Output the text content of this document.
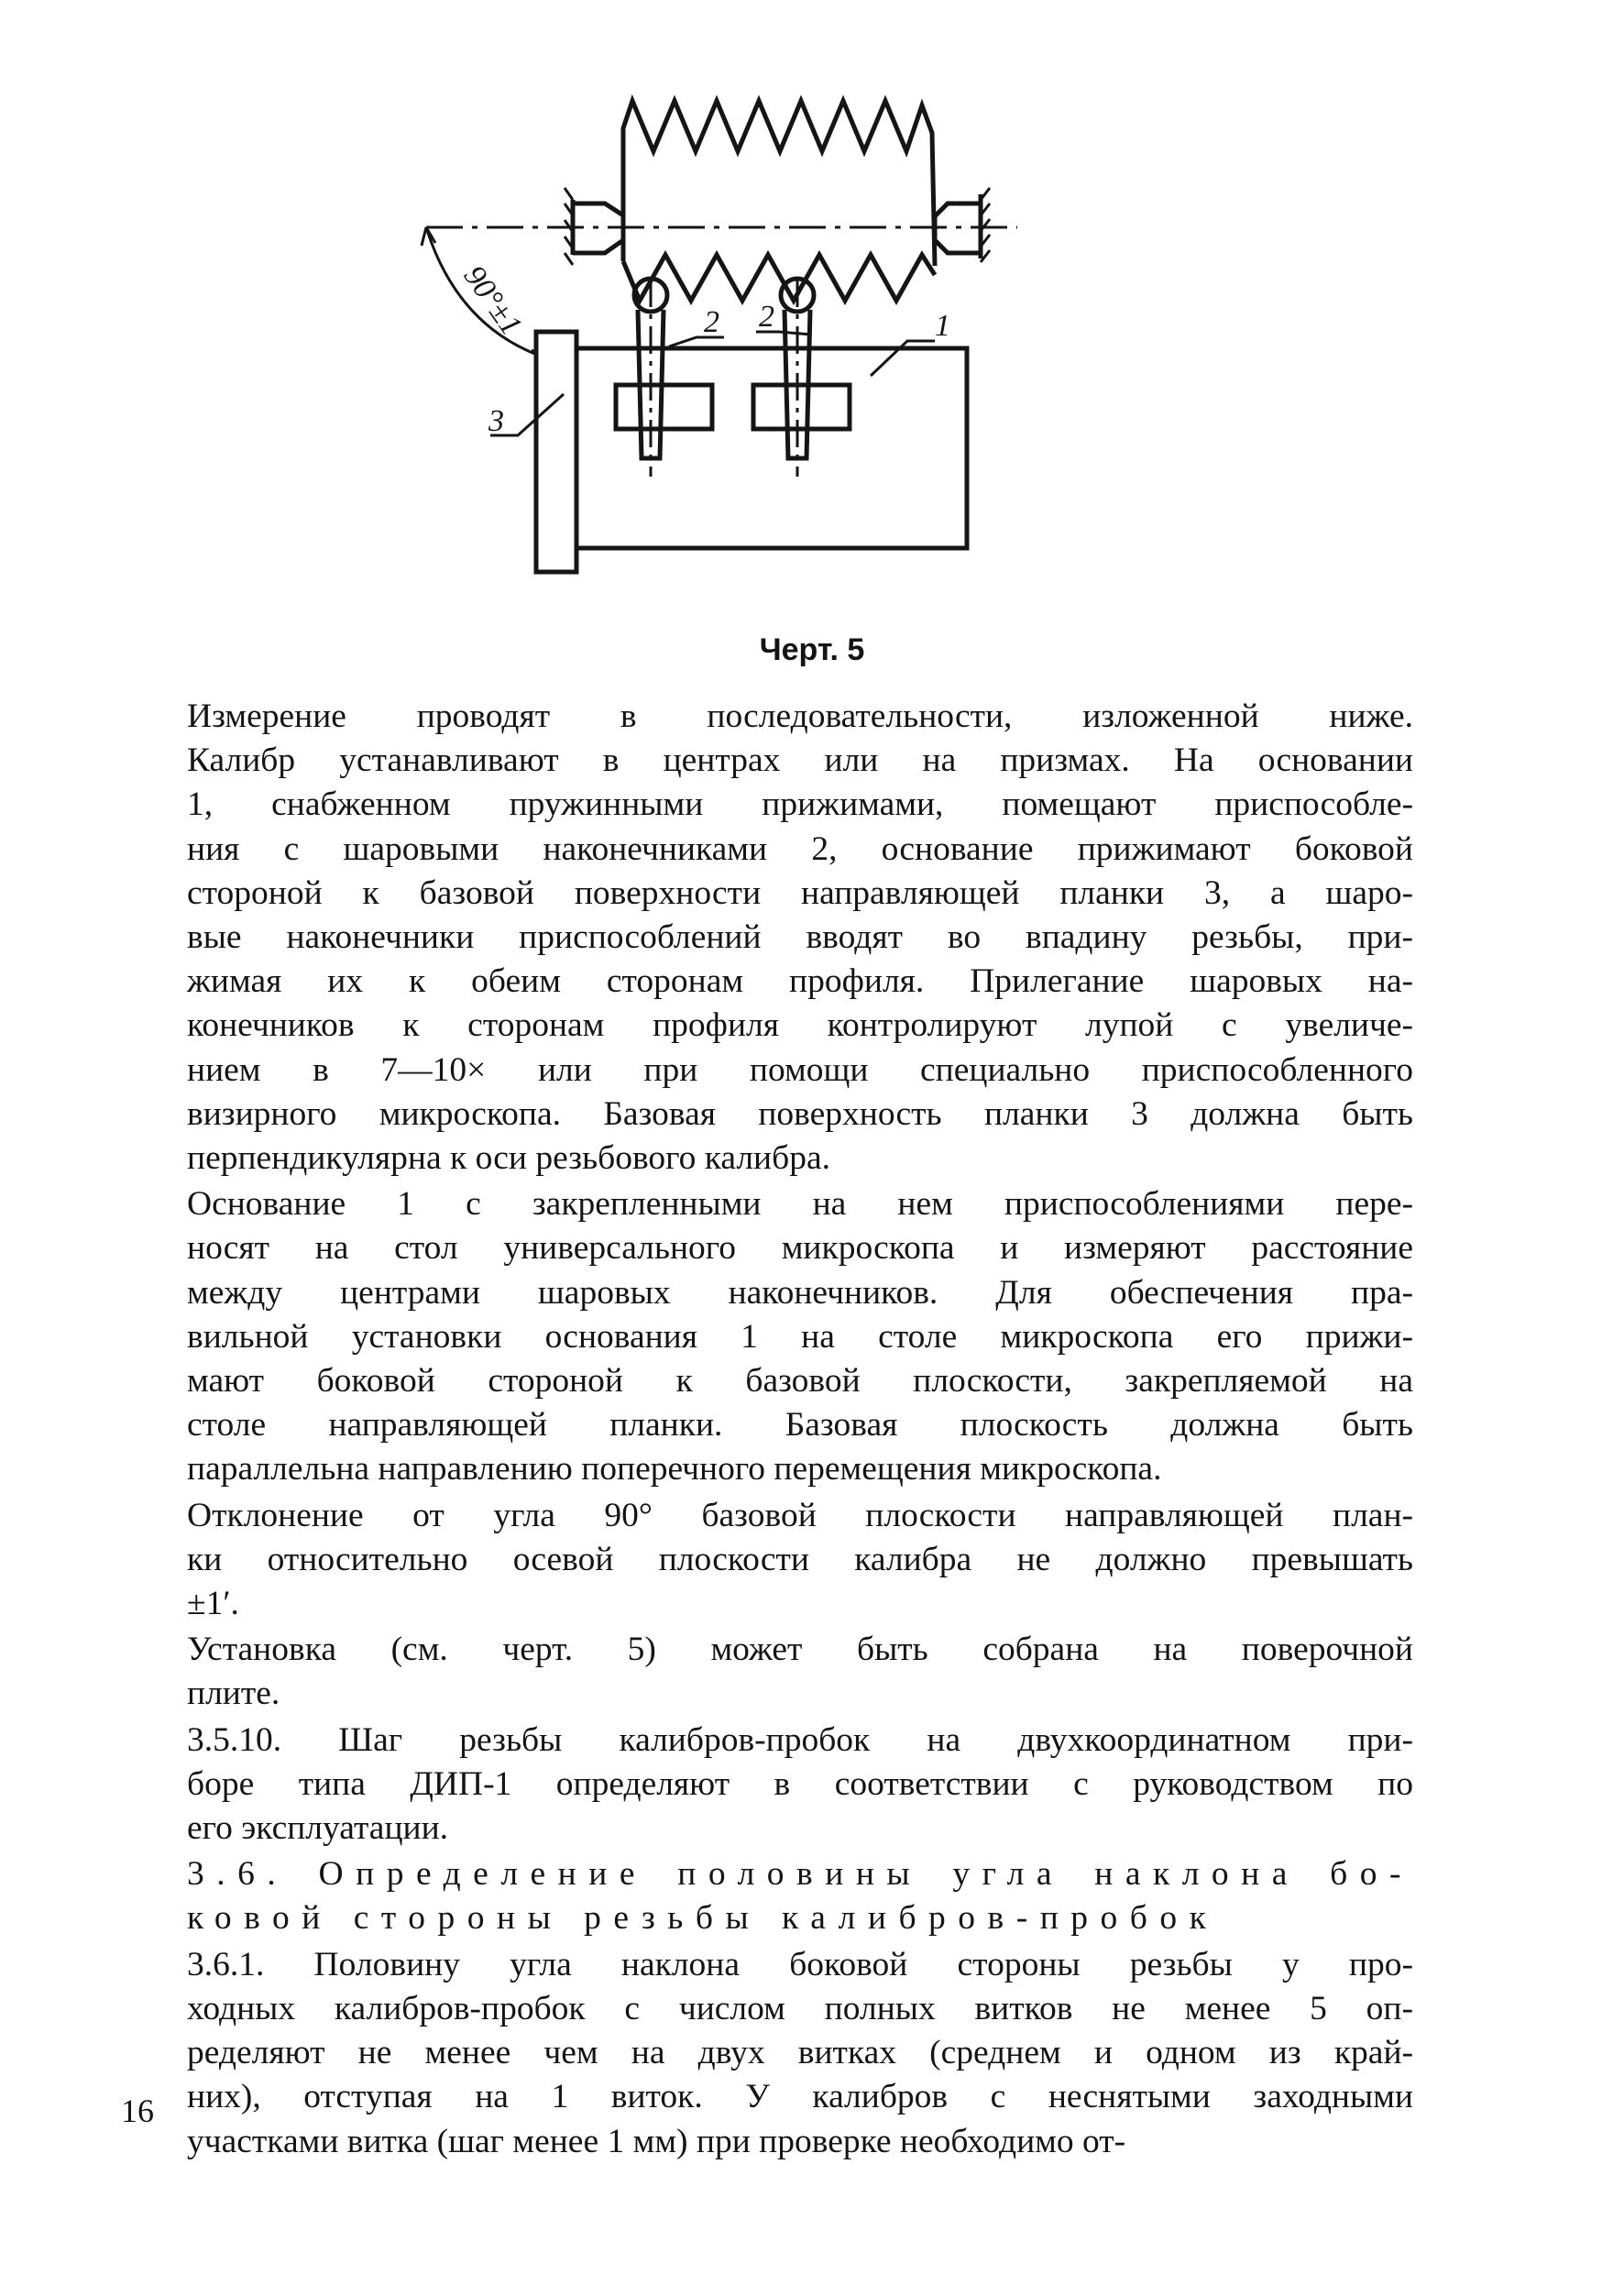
90°±1	2 2	1
3
Черт. 5
Измерение проводят в последовательности, изложенной ниже.
Калибр устанавливают в центрах или на призмах. На основании
1, снабженном пружинными прижимами, помещают приспособле-
ния с шаровыми наконечниками 2, основание прижимают боковой
стороной к базовой поверхности направляющей планки 3, а шаро-
вые наконечники приспособлений вводят во впадину резьбы, при-
жимая их к обеим сторонам профиля. Прилегание шаровых на-
конечников к сторонам профиля контролируют лупой с увеличе-
нием в 7—10× или при помощи специально приспособленного
визирного микроскопа. Базовая поверхность планки 3 должна быть
перпендикулярна к оси резьбового калибра.
Основание 1 с закрепленными на нем приспособлениями пере-
носят на стол универсального микроскопа и измеряют расстояние
между центрами шаровых наконечников. Для обеспечения пра-
вильной установки основания 1 на столе микроскопа его прижи-
мают боковой стороной к базовой плоскости, закрепляемой на
столе направляющей планки. Базовая плоскость должна быть
параллельна направлению поперечного перемещения микроскопа.
Отклонение от угла 90° базовой плоскости направляющей план-
ки относительно осевой плоскости калибра не должно превышать
±1′.
Установка (см. черт. 5) может быть собрана на поверочной
плите.
3.5.10. Шаг резьбы калибров-пробок на двухкоординатном при-
боре типа ДИП-1 определяют в соответствии с руководством по
его эксплуатации.
3.6. Определение половины угла наклона бо-
ковой стороны резьбы калибров-пробок
3.6.1. Половину угла наклона боковой стороны резьбы у про-
ходных калибров-пробок с числом полных витков не менее 5 оп-
ределяют не менее чем на двух витках (среднем и одном из край-
них), отступая на 1 виток. У калибров с неснятыми заходными
участками витка (шаг менее 1 мм) при проверке необходимо от-
16
